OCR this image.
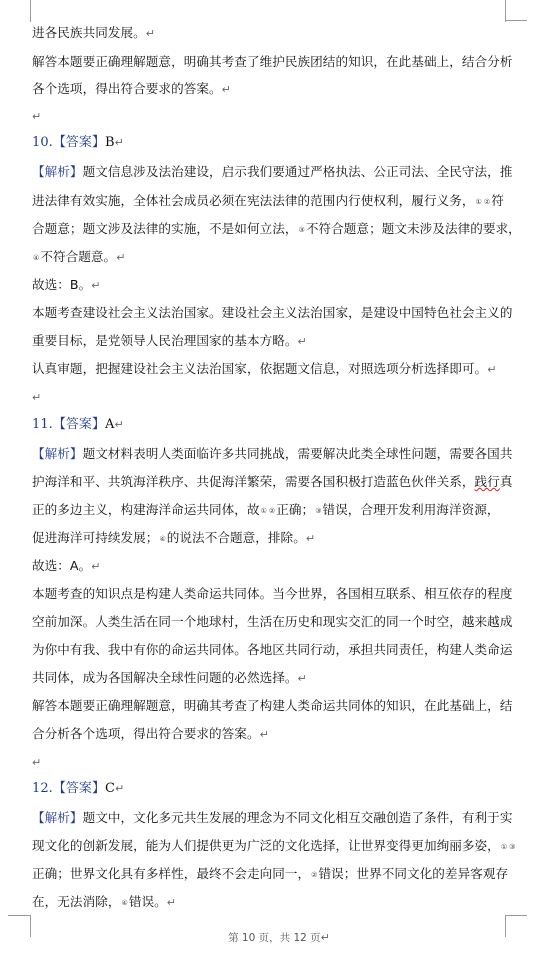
进各民族共同发展。↵
解答本题要正确理解题意，明确其考查了维护民族团结的知识，在此基础上，结合分析
各个选项，得出符合要求的答案。↵
↵
10.【答案】B↵
【解析】题文信息涉及法治建设，启示我们要通过严格执法、公正司法、全民守法，推
进法律有效实施，全体社会成员必须在宪法法律的范围内行使权利，履行义务，① ②符
合题意；题文涉及法律的实施，不是如何立法，③不符合题意；题文未涉及法律的要求，
④不符合题意。↵
故选：B。↵
本题考查建设社会主义法治国家。建设社会主义法治国家，是建设中国特色社会主义的
重要目标，是党领导人民治理国家的基本方略。↵
认真审题，把握建设社会主义法治国家，依据题文信息，对照选项分析选择即可。↵
↵
11.【答案】A↵
【解析】题文材料表明人类面临许多共同挑战，需要解决此类全球性问题，需要各国共
护海洋和平、共筑海洋秩序、共促海洋繁荣，需要各国积极打造蓝色伙伴关系，践行真
正的多边主义，构建海洋命运共同体，故① ②正确；③错误，合理开发利用海洋资源，
促进海洋可持续发展；④的说法不合题意，排除。↵
故选：A。↵
本题考查的知识点是构建人类命运共同体。当今世界，各国相互联系、相互依存的程度
空前加深。人类生活在同一个地球村，生活在历史和现实交汇的同一个时空，越来越成
为你中有我、我中有你的命运共同体。各地区共同行动，承担共同责任，构建人类命运
共同体，成为各国解决全球性问题的必然选择。↵
解答本题要正确理解题意，明确其考查了构建人类命运共同体的知识，在此基础上，结
合分析各个选项，得出符合要求的答案。↵
↵
12.【答案】C↵
【解析】题文中，文化多元共生发展的理念为不同文化相互交融创造了条件，有利于实
现文化的创新发展，能为人们提供更为广泛的文化选择，让世界变得更加绚丽多姿，① ③
正确；世界文化具有多样性，最终不会走向同一，②错误；世界不同文化的差异客观存
在，无法消除，④错误。↵
第 10 页，共 12 页↵
